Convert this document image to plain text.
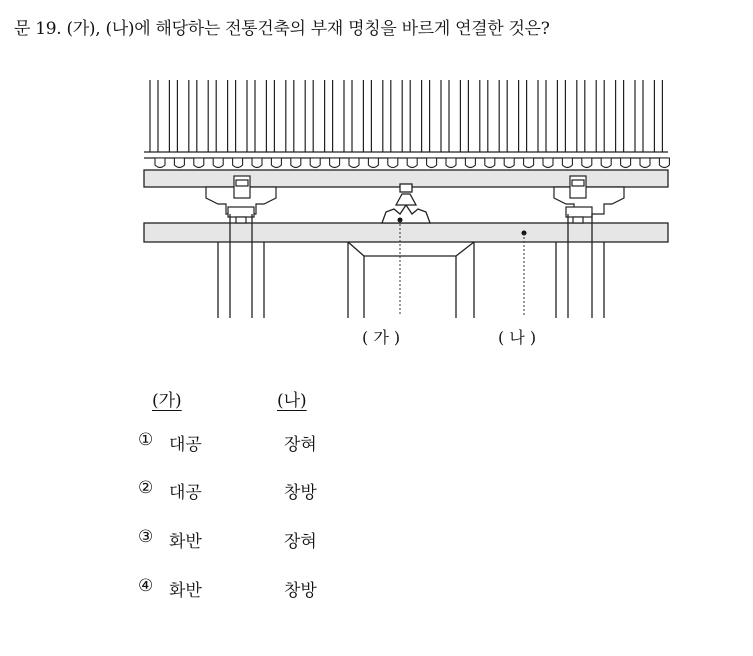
문 19. (가), (나)에 해당하는 전통건축의 부재 명칭을 바르게 연결한 것은?
( 가 )	( 나 )
(가)	(나)
① 대공	장혀
② 대공	창방
③ 화반	장혀
④ 화반	창방
